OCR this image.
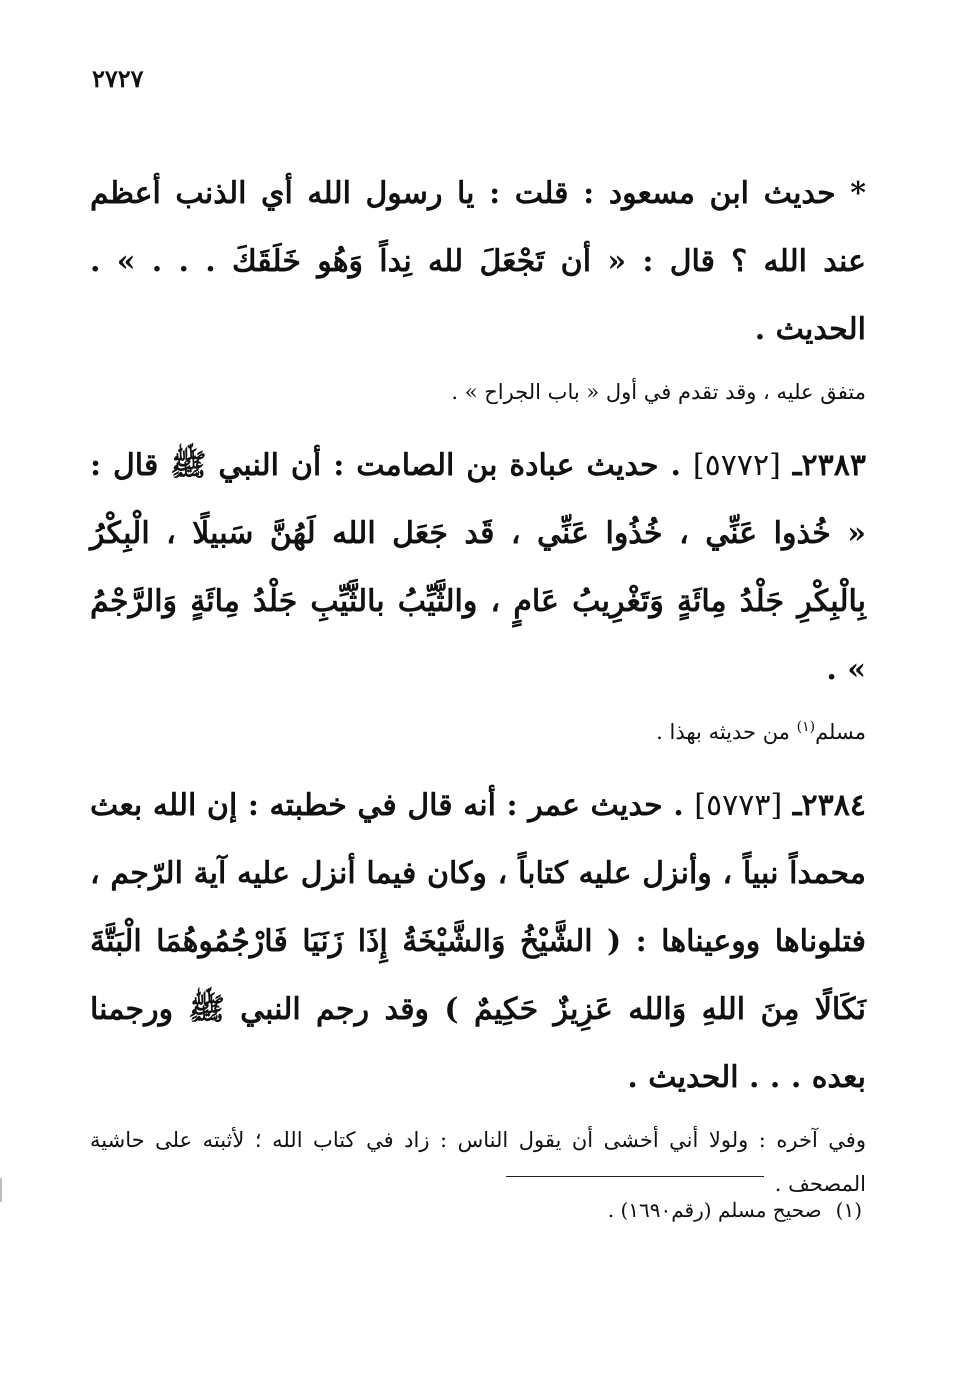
٢٧٢٧

* حديث ابن مسعود : قلت : يا رسول الله أي الذنب أعظم عند الله ؟ قال : « أن تَجْعَلَ لله نِداً وَهُو خَلَقَكَ . . . » . الحديث .

متفق عليه ، وقد تقدم في أول « باب الجراح » .

٢٣٨٣ـ [٥٧٧٢] . حديث عبادة بن الصامت : أن النبي ﷺ قال : « خُذوا عَنِّي ، خُذُوا عَنِّي ، قَد جَعَل الله لَهُنَّ سَبيلًا ، الْبِكْرُ بِالْبِكْرِ جَلْدُ مِائَةٍ وَتَغْرِيبُ عَامٍ ، والثَّيِّبُ بالثَّيِّبِ جَلْدُ مِائَةٍ وَالرَّجْمُ » .

مسلم$^{(١)}$ من حديثه بهذا .

٢٣٨٤ـ [٥٧٧٣] . حديث عمر : أنه قال في خطبته : إن الله بعث محمداً نبياً ، وأنزل عليه كتاباً ، وكان فيما أنزل عليه آية الرّجم ، فتلوناها ووعيناها : ( الشَّيْخُ وَالشَّيْخَةُ إِذَا زَنَيَا فَارْجُمُوهُمَا الْبَتَّةَ نَكَالًا مِنَ اللهِ وَالله عَزِيزٌ حَكِيمٌ ) وقد رجم النبي ﷺ ورجمنا بعده . . . الحديث .

وفي آخره : ولولا أني أخشى أن يقول الناس : زاد في كتاب الله ؛ لأثبته على حاشية المصحف .

(١)صحيح مسلم (رقم١٦٩٠) .
